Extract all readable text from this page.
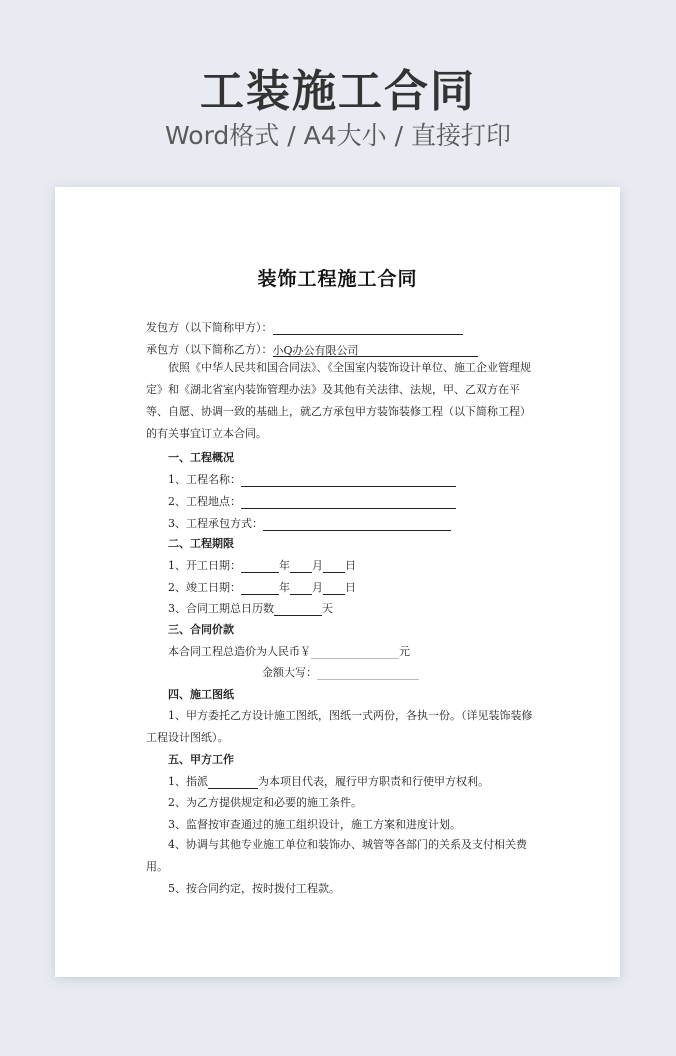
工装施工合同
Word格式 / A4大小 / 直接打印
装饰工程施工合同
发包方（以下简称甲方）：
承包方（以下简称乙方）：小Q办公有限公司
依照《中华人民共和国合同法》、《全国室内装饰设计单位、施工企业管理规定》和《湖北省室内装饰管理办法》及其他有关法律、法规，甲、乙双方在平等、自愿、协调一致的基础上，就乙方承包甲方装饰装修工程（以下简称工程）的有关事宜订立本合同。
一、工程概况
1、工程名称：
2、工程地点：
3、工程承包方式：
二、工程期限
1、开工日期：	年 月 日
2、竣工日期：	年 月 日
3、合同工期总日历数	天
三、合同价款
本合同工程总造价为人民币￥	元
金额大写：
四、施工图纸
1、甲方委托乙方设计施工图纸，图纸一式两份，各执一份。（详见装饰装修工程设计图纸）。
五、甲方工作
1、指派	为本项目代表，履行甲方职责和行使甲方权利。
2、为乙方提供规定和必要的施工条件。
3、监督按审查通过的施工组织设计，施工方案和进度计划。
4、协调与其他专业施工单位和装饰办、城管等各部门的关系及支付相关费用。
5、按合同约定，按时拨付工程款。
